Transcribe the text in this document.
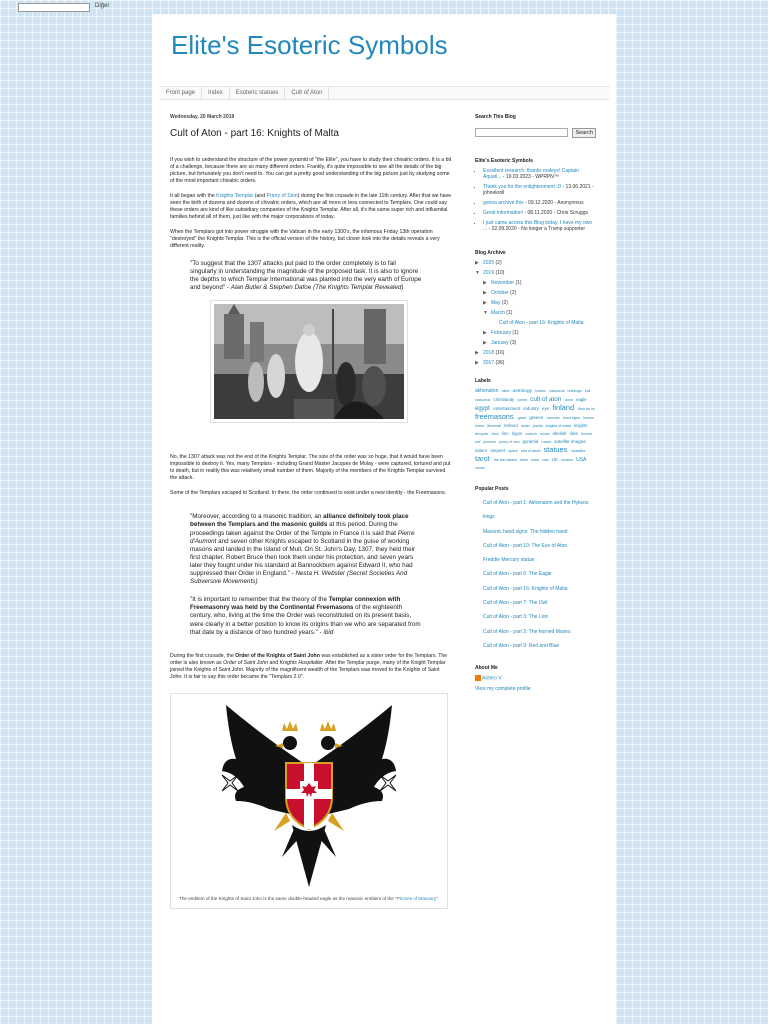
Diğer
Elite's Esoteric Symbols
Front page	Index	Esoteric statues	Cult of Aton
Wednesday, 20 March 2019
Cult of Aton - part 16: Knights of Malta
If you wish to understand the structure of the power pyramid of "the Elite", you have to study their chivalric orders. It is a bit of a challenge, because there are so many different orders. Frankly, it's quite impossible to see all the details of the big picture, but fortunately you don't need to. You can get a pretty good understanding of the big picture just by studying some of the most important chivalric orders.
It all began with the Knights Templar (and Priory of Sion) during the first crusade in the late 11th century. After that we have seen the birth of dozens and dozens of chivalric orders, which are all more or less connected to Templars. One could say these orders are kind of like subsidiary companies of the Knights Templar. After all, it's the same super rich and influential families behind all of them, just like with the major corporations of today.
When the Templars got into power struggle with the Vatican in the early 1300's, the infamous Friday 13th operation "destroyed" the Knights Templar. This is the official version of the history, but closer look into the details reveals a very different reality.
"To suggest that the 1307 attacks put paid to the order completely is to fail singularly in understanding the magnitude of the proposed task. It is also to ignore the depths to which Templar International was planted into the very earth of Europe and beyond" - Alan Butler & Stephen Dafoe (The Knights Templar Revealed)
No, the 1307 attack was not the end of the Knights Templar. The size of the order was so huge, that it would have been impossible to destroy it. Yes, many Templars - including Grand Master Jacques de Molay - were captured, tortured and put to death, but in reality this was relatively small number of them. Majority of the members of the Knights Templar survived the attack.
Some of the Templars escaped to Scotland. In there, the order continued to exist under a new identity - the Freemasons.
"Moreover, according to a masonic tradition, an alliance definitely took place between the Templars and the masonic guilds at this period. During the proceedings taken against the Order of the Temple in France it is said that Pierre d'Aumont and seven other Knights escaped to Scotland in the guise of working masons and landed in the Island of Mull. On St. John's Day, 1307, they held their first chapter. Robert Bruce then took them under his protection, and seven years later they fought under his standard at Bannockburn against Edward II, who had suppressed their Order in England." - Nesta H. Webster (Secret Societies And Subversive Movements)
"It is important to remember that the theory of the Templar connexion with Freemasonry was held by the Continental Freemasons of the eighteenth century, who, living at the time the Order was reconstituted on its present basis, were clearly in a better position to know its origins than we who are separated from that date by a distance of two hundred years." - ibid
During the first crusade, the Order of the Knights of Saint John was established as a sister order for the Templars. The order is also known as Order of Saint John and Knights Hospitaller. After the Templar purge, many of the Knight Templar joined the Knights of Saint John. Majority of the magnificent wealth of the Templars was moved to the Knights of Saint John. It is fair to say this order became the "Templars 2.0".
The emblem of the Knights of Saint John is the same double-headed eagle as the masonic emblem of the "Princes of Masonry".
Search This Blog
Search
Elite's Esoteric Symbols
• Excellent research, thanks maleys! Captain Aquati... - 19.03.2023 - WPRPN™
• Thank you for the enlightenment :D - 13.06.2021 - johnekroll
• gonna archive this - 09.12.2020 - Anonymous
• Great information! - 08.11.2020 - Chris Scruggs
• I just came across this Blog today. I have my own ... - 22.09.2020 - No longer a Trump supporter
Blog Archive
▶ 2020 (2)
▼ 2019 (10)
▶ November (1)
▶ October (2)
▶ May (2)
▼ March (1)
Cult of Aton - part 16: Knights of Malta
▶ February (1)
▶ January (3)
▶ 2018 (16)
▶ 2017 (36)
Labels
akhenaton aktet astrology boston caduceus buildings bull caduceus christianity comet cult of aton dove eagle egypt entertainment industry eye finland fleur de lis freemasons gavel greece hammer hand signs horses horns illuminati ireland israel jesuits knights of malta knights templar lotus lion logos moloch nicola obelisk olive french owl phoenix priory of sion pyramid russia satellite images saturn serpent space star of david statues swastika tarot the two babies tuber tubal cain UK ukraine USA venus
Popular Posts
Cult of Aton - part 1: Akhenaton and the Hyksos kings
Masonic hand signs: The hidden hand
Cult of Aton - part 10: The Eye of Aton
Freddie Mercury statue
Cult of Aton - part 6: The Eagle
Cult of Aton - part 16: Knights of Malta
Cult of Aton - part 7: The Owl
Cult of Aton - part 3: The Lion
Cult of Aton - part 2: The horned Moses
Cult of Aton - part 9: Red and Blue
About Me
Antero V
View my complete profile
